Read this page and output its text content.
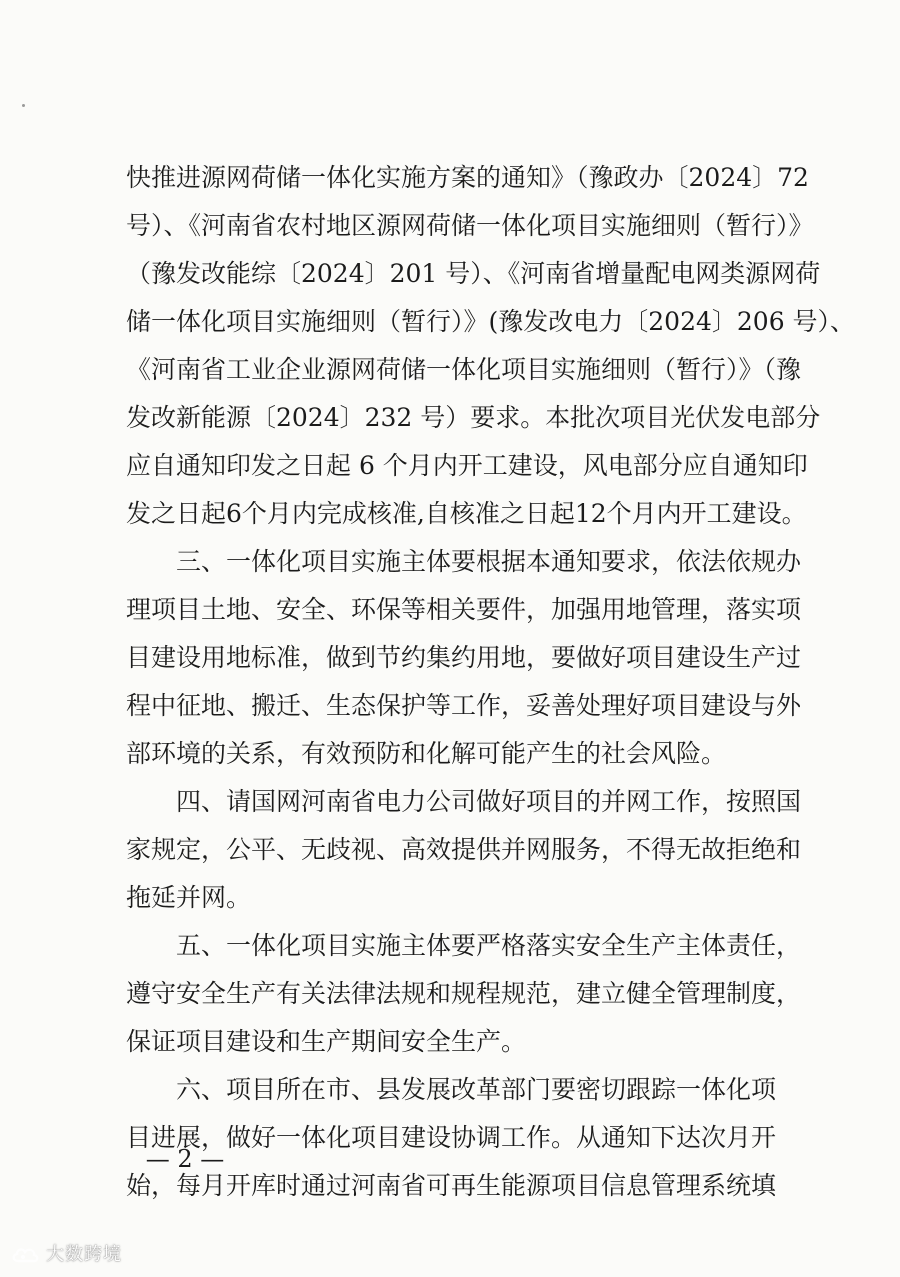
快推进源网荷储一体化实施方案的通知》（豫政办〔2024〕72
号）、《河南省农村地区源网荷储一体化项目实施细则（暂行）》
（豫发改能综〔2024〕201 号）、《河南省增量配电网类源网荷
储一体化项目实施细则（暂行）》(豫发改电力〔2024〕206 号）、
《河南省工业企业源网荷储一体化项目实施细则（暂行）》（豫
发改新能源〔2024〕232 号）要求。本批次项目光伏发电部分
应自通知印发之日起 6 个月内开工建设，风电部分应自通知印
发之日起6个月内完成核准,自核准之日起12个月内开工建设。
三、一体化项目实施主体要根据本通知要求，依法依规办
理项目土地、安全、环保等相关要件，加强用地管理，落实项
目建设用地标准，做到节约集约用地，要做好项目建设生产过
程中征地、搬迁、生态保护等工作，妥善处理好项目建设与外
部环境的关系，有效预防和化解可能产生的社会风险。
四、请国网河南省电力公司做好项目的并网工作，按照国
家规定，公平、无歧视、高效提供并网服务，不得无故拒绝和
拖延并网。
五、一体化项目实施主体要严格落实安全生产主体责任，
遵守安全生产有关法律法规和规程规范，建立健全管理制度，
保证项目建设和生产期间安全生产。
六、项目所在市、县发展改革部门要密切跟踪一体化项
目进展，做好一体化项目建设协调工作。从通知下达次月开
始，每月开库时通过河南省可再生能源项目信息管理系统填
— 2 —
大数跨境
